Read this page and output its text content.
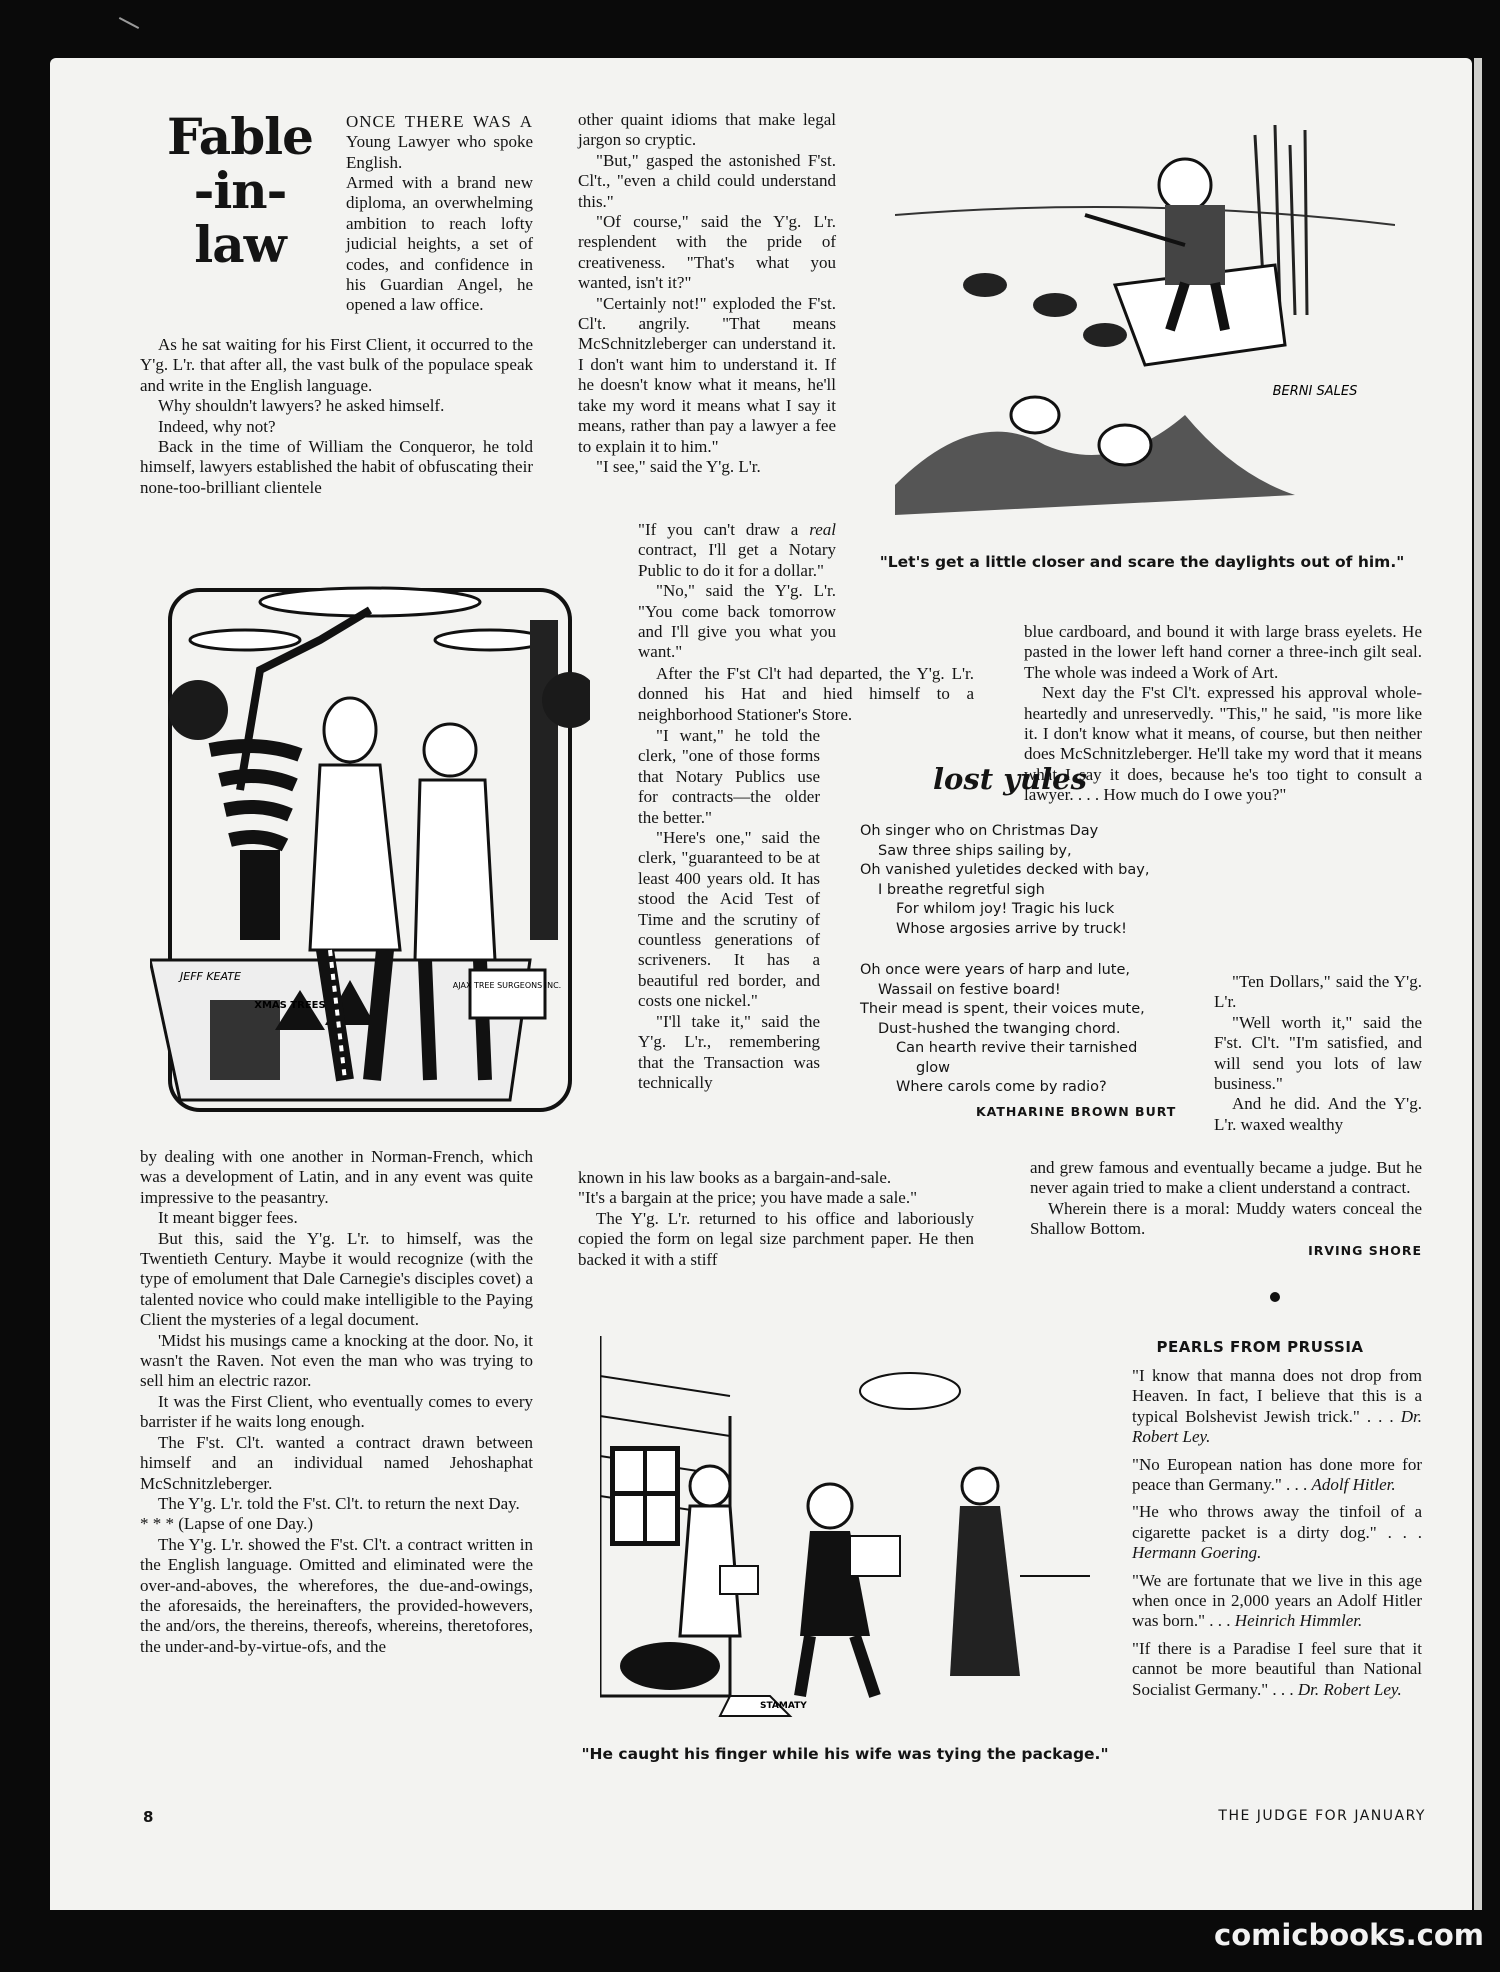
Fable
-in-
law

ONCE THERE WAS A Young Lawyer who spoke English.

Armed with a brand new diploma, an overwhelming ambition to reach lofty judicial heights, a set of codes, and confidence in his Guardian Angel, he opened a law office.

As he sat waiting for his First Client, it occurred to the Y'g. L'r. that after all, the vast bulk of the populace speak and write in the English language.

Why shouldn't lawyers? he asked himself.

Indeed, why not?

Back in the time of William the Conqueror, he told himself, lawyers established the habit of obfuscating their none-too-brilliant clientele

AJAX TREE SURGEONS INC.
XMAS TREES
JEFF KEATE

by dealing with one another in Norman-French, which was a development of Latin, and in any event was quite impressive to the peasantry.

It meant bigger fees.

But this, said the Y'g. L'r. to himself, was the Twentieth Century. Maybe it would recognize (with the type of emolument that Dale Carnegie's disciples covet) a talented novice who could make intelligible to the Paying Client the mysteries of a legal document.

'Midst his musings came a knocking at the door. No, it wasn't the Raven. Not even the man who was trying to sell him an electric razor.

It was the First Client, who eventually comes to every barrister if he waits long enough.

The F'st. Cl't. wanted a contract drawn between himself and an individual named Jehoshaphat McSchnitzleberger.

The Y'g. L'r. told the F'st. Cl't. to return the next Day.

* * * (Lapse of one Day.)

The Y'g. L'r. showed the F'st. Cl't. a contract written in the English language. Omitted and eliminated were the over-and-aboves, the wherefores, the due-and-owings, the aforesaids, the hereinafters, the provided-howevers, the and/ors, the thereins, thereofs, whereins, theretofores, the under-and-by-virtue-ofs, and the

other quaint idioms that make legal jargon so cryptic.

"But," gasped the astonished F'st. Cl't., "even a child could understand this."

"Of course," said the Y'g. L'r. resplendent with the pride of creativeness. "That's what you wanted, isn't it?"

"Certainly not!" exploded the F'st. Cl't. angrily. "That means McSchnitzleberger can understand it. I don't want him to understand it. If he doesn't know what it means, he'll take my word it means what I say it means, rather than pay a lawyer a fee to explain it to him."

"I see," said the Y'g. L'r.

"If you can't draw a real contract, I'll get a Notary Public to do it for a dollar."

"No," said the Y'g. L'r. "You come back tomorrow and I'll give you what you want."

After the F'st Cl't had departed, the Y'g. L'r. donned his Hat and hied himself to a neighborhood Stationer's Store.

"I want," he told the clerk, "one of those forms that Notary Publics use for contracts—the older the better."

"Here's one," said the clerk, "guaranteed to be at least 400 years old. It has stood the Acid Test of Time and the scrutiny of countless generations of scriveners. It has a beautiful red border, and costs one nickel."

"I'll take it," said the Y'g. L'r., remembering that the Transaction was technically

known in his law books as a bargain-and-sale.

"It's a bargain at the price; you have made a sale."

The Y'g. L'r. returned to his office and laboriously copied the form on legal size parchment paper. He then backed it with a stiff

BERNI SALES
"Let's get a little closer and scare the daylights out of him."

blue cardboard, and bound it with large brass eyelets. He pasted in the lower left hand corner a three-inch gilt seal. The whole was indeed a Work of Art.

Next day the F'st Cl't. expressed his approval whole-heartedly and unreservedly. "This," he said, "is more like it. I don't know what it means, of course, but then neither does McSchnitzleberger. He'll take my word that it means what I say it does, because he's too tight to consult a lawyer. . . . How much do I owe you?"

lost yules
Oh singer who on Christmas Day
Saw three ships sailing by,
Oh vanished yuletides decked with bay,
I breathe regretful sigh
For whilom joy! Tragic his luck
Whose argosies arrive by truck!
Oh once were years of harp and lute,
Wassail on festive board!
Their mead is spent, their voices mute,
Dust-hushed the twanging chord.
Can hearth revive their tarnished
glow
Where carols come by radio?
KATHARINE BROWN BURT

"Ten Dollars," said the Y'g. L'r.

"Well worth it," said the F'st. Cl't. "I'm satisfied, and will send you lots of law business."

And he did. And the Y'g. L'r. waxed wealthy

and grew famous and eventually became a judge. But he never again tried to make a client understand a contract.

Wherein there is a moral: Muddy waters conceal the Shallow Bottom.

IRVING SHORE
STAMATY
"He caught his finger while his wife was tying the package."
PEARLS FROM PRUSSIA

"I know that manna does not drop from Heaven. In fact, I believe that this is a typical Bolshevist Jewish trick." . . . Dr. Robert Ley.

"No European nation has done more for peace than Germany." . . . Adolf Hitler.

"He who throws away the tinfoil of a cigarette packet is a dirty dog." . . . Hermann Goering.

"We are fortunate that we live in this age when once in 2,000 years an Adolf Hitler was born." . . . Heinrich Himmler.

"If there is a Paradise I feel sure that it cannot be more beautiful than National Socialist Germany." . . . Dr. Robert Ley.

8	THE JUDGE FOR JANUARY
comicbooks.com
